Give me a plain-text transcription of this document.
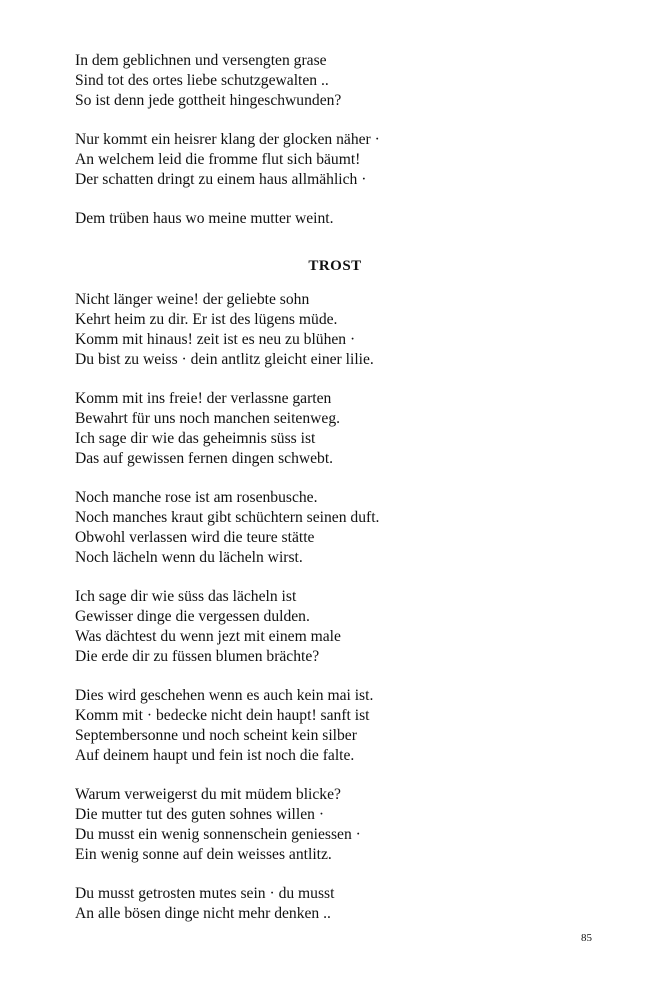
In dem geblichnen und versengten grase
Sind tot des ortes liebe schutzgewalten ..
So ist denn jede gottheit hingeschwunden?
Nur kommt ein heisrer klang der glocken näher ·
An welchem leid die fromme flut sich bäumt!
Der schatten dringt zu einem haus allmählich ·
Dem trüben haus wo meine mutter weint.
TROST
Nicht länger weine! der geliebte sohn
Kehrt heim zu dir. Er ist des lügens müde.
Komm mit hinaus! zeit ist es neu zu blühen ·
Du bist zu weiss · dein antlitz gleicht einer lilie.
Komm mit ins freie! der verlassne garten
Bewahrt für uns noch manchen seitenweg.
Ich sage dir wie das geheimnis süss ist
Das auf gewissen fernen dingen schwebt.
Noch manche rose ist am rosenbusche.
Noch manches kraut gibt schüchtern seinen duft.
Obwohl verlassen wird die teure stätte
Noch lächeln wenn du lächeln wirst.
Ich sage dir wie süss das lächeln ist
Gewisser dinge die vergessen dulden.
Was dächtest du wenn jezt mit einem male
Die erde dir zu füssen blumen brächte?
Dies wird geschehen wenn es auch kein mai ist.
Komm mit · bedecke nicht dein haupt! sanft ist
Septembersonne und noch scheint kein silber
Auf deinem haupt und fein ist noch die falte.
Warum verweigerst du mit müdem blicke?
Die mutter tut des guten sohnes willen ·
Du musst ein wenig sonnenschein geniessen ·
Ein wenig sonne auf dein weisses antlitz.
Du musst getrosten mutes sein · du musst
An alle bösen dinge nicht mehr denken ..
85
